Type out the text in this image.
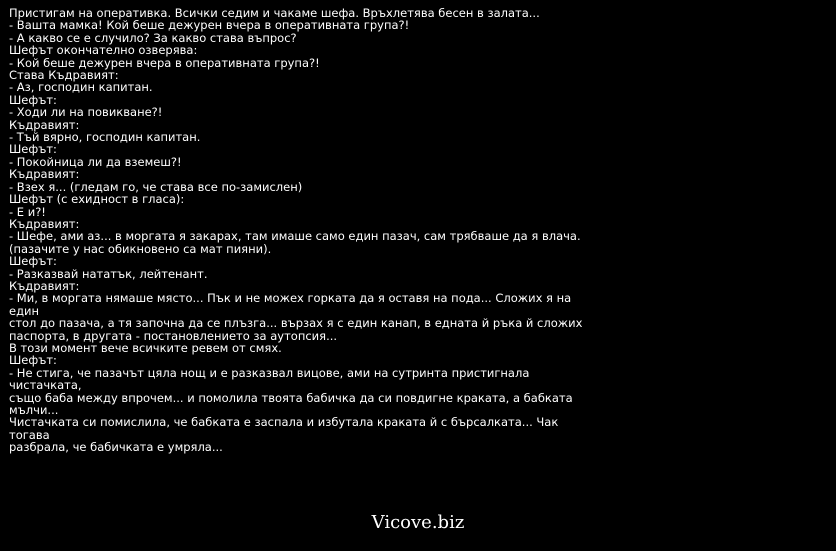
Пристигам на оперативка. Всички седим и чакаме шефа. Връхлетява бесен в залата...
- Вашта мамка! Кой беше дежурен вчера в оперативната група?!
- А какво се е случило? За какво става въпрос?
Шефът окончателно озверява:
- Кой беше дежурен вчера в оперативната група?!
Става Къдравият:
- Аз, господин капитан.
Шефът:
- Ходи ли на повикване?!
Къдравият:
- Тъй вярно, господин капитан.
Шефът:
- Покойница ли да вземеш?!
Къдравият:
- Взех я... (гледам го, че става все по-замислен)
Шефът (с ехидност в гласа):
- Е и?!
Къдравият:
- Шефе, ами аз... в моргата я закарах, там имаше само един пазач, сам трябваше да я влача.
(пазачите у нас обикновено са мат пияни).
Шефът:
- Разказвай нататък, лейтенант.
Къдравият:
- Ми, в моргата нямаше място... Пък и не можех горката да я оставя на пода... Сложих я на един
стол до пазача, а тя започна да се плъзга... вързах я с един канап, в едната й ръка й сложих
паспорта, в другата - постановлението за аутопсия...
В този момент вече всичките ревем от смях.
Шефът:
- Не стига, че пазачът цяла нощ и е разказвал вицове, ами на сутринта пристигнала чистачката,
също баба между впрочем... и помолила твоята бабичка да си повдигне краката, а бабката мълчи...
Чистачката си помислила, че бабката е заспала и избутала краката й с бърсалката... Чак тогава
разбрала, че бабичката е умряла...
Vicove.biz
